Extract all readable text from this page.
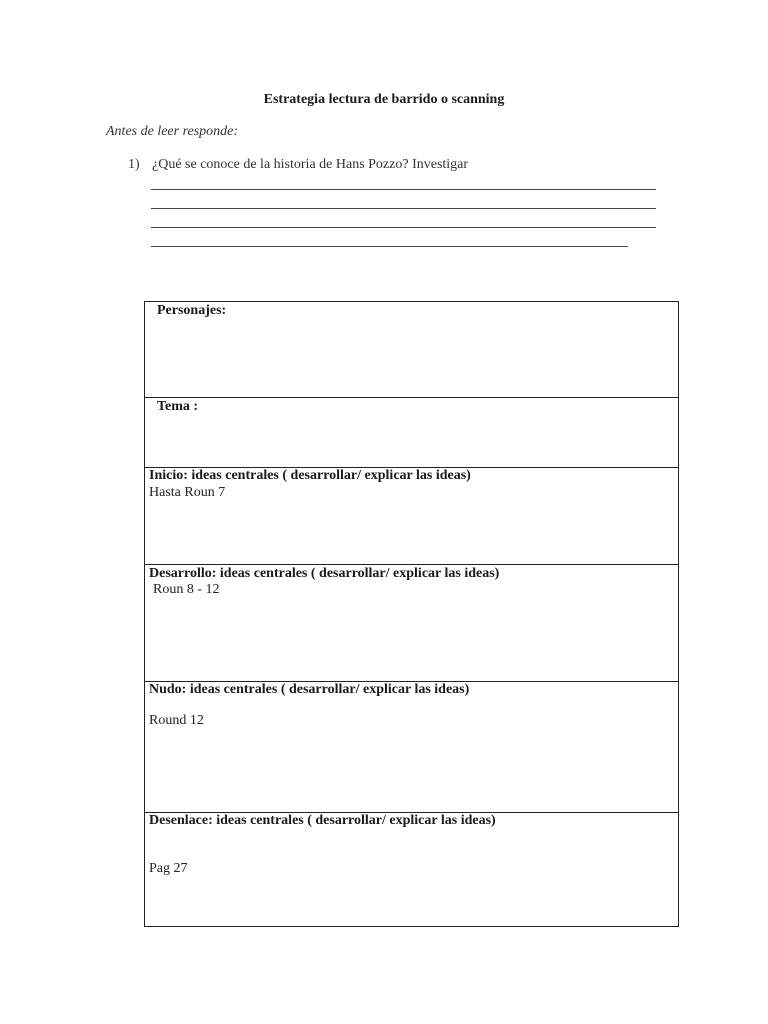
Estrategia lectura de barrido o scanning
Antes de leer responde:
1) ¿Qué se conoce de la historia de Hans Pozzo? Investigar
Personajes:
Tema :
Inicio: ideas centrales ( desarrollar/ explicar las ideas)
Hasta Roun 7
Desarrollo: ideas centrales ( desarrollar/ explicar las ideas)
Roun 8 - 12
Nudo: ideas centrales ( desarrollar/ explicar las ideas)
Round 12
Desenlace: ideas centrales ( desarrollar/ explicar las ideas)
Pag 27
